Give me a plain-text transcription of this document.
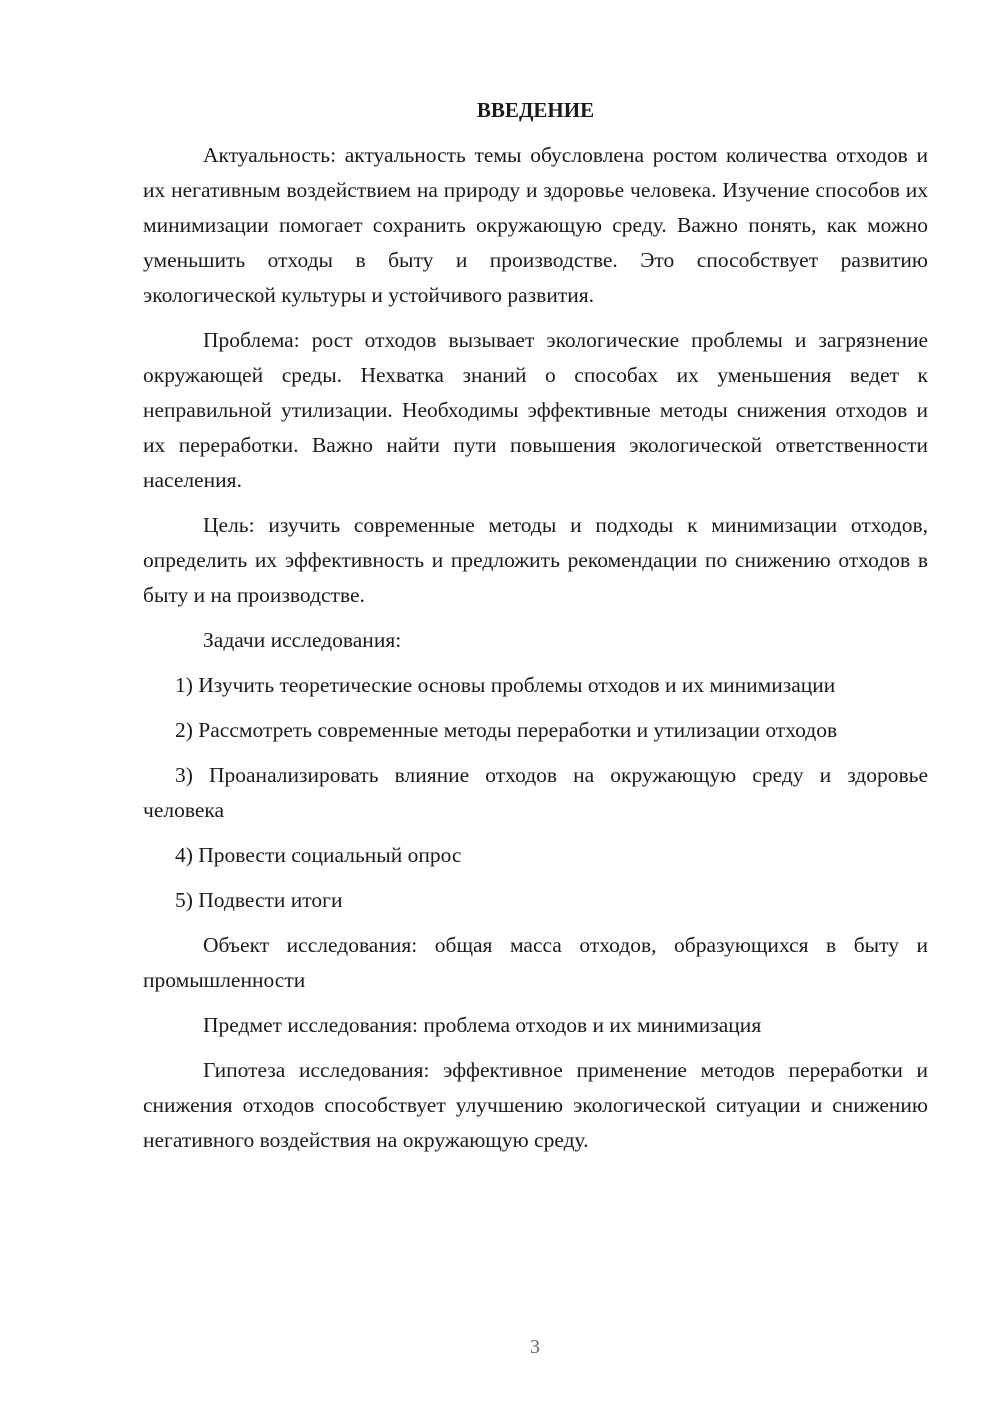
ВВЕДЕНИЕ

Актуальность: актуальность темы обусловлена ростом количества отходов и их негативным воздействием на природу и здоровье человека. Изучение способов их минимизации помогает сохранить окружающую среду. Важно понять, как можно уменьшить отходы в быту и производстве. Это способствует развитию экологической культуры и устойчивого развития.

Проблема: рост отходов вызывает экологические проблемы и загрязнение окружающей среды. Нехватка знаний о способах их уменьшения ведет к неправильной утилизации. Необходимы эффективные методы снижения отходов и их переработки. Важно найти пути повышения экологической ответственности населения.

Цель: изучить современные методы и подходы к минимизации отходов, определить их эффективность и предложить рекомендации по снижению отходов в быту и на производстве.

Задачи исследования:

1) Изучить теоретические основы проблемы отходов и их минимизации

2) Рассмотреть современные методы переработки и утилизации отходов

3) Проанализировать влияние отходов на окружающую среду и здоровье человека

4) Провести социальный опрос

5) Подвести итоги

Объект исследования: общая масса отходов, образующихся в быту и промышленности

Предмет исследования: проблема отходов и их минимизация

Гипотеза исследования: эффективное применение методов переработки и снижения отходов способствует улучшению экологической ситуации и снижению негативного воздействия на окружающую среду.

3
